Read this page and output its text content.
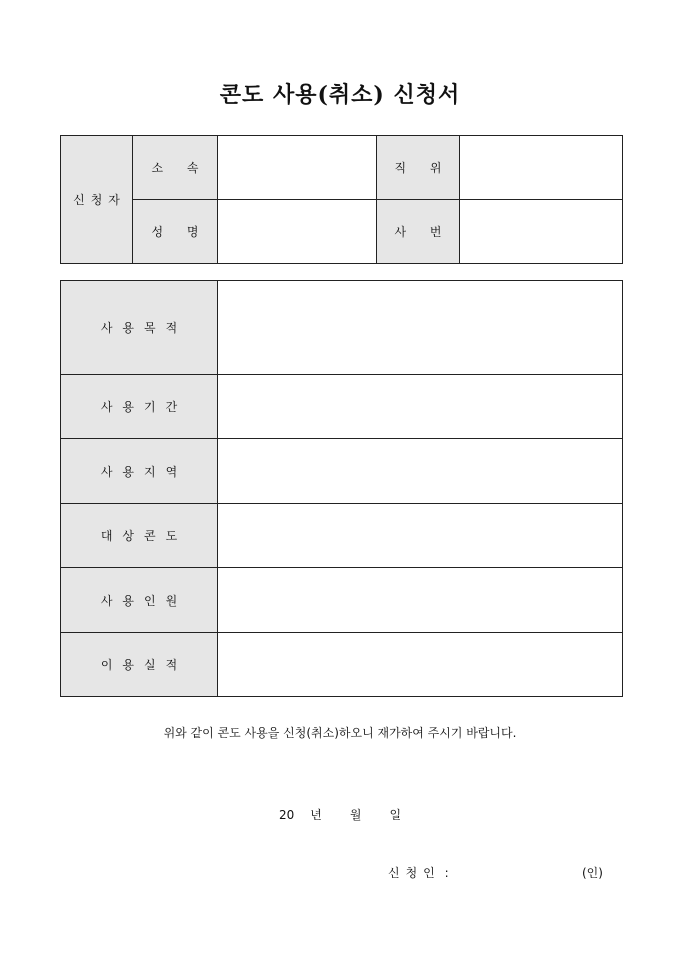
콘도 사용(취소) 신청서
신청자	소 속		직 위	
	성 명		사 번	
사용목적	
사용기간	
사용지역	
대상콘도	
사용인원	
이용실적	
위와 같이 콘도 사용을 신청(취소)하오니 재가하여 주시기 바랍니다.
20 년 월 일
신청인 :	(인)
